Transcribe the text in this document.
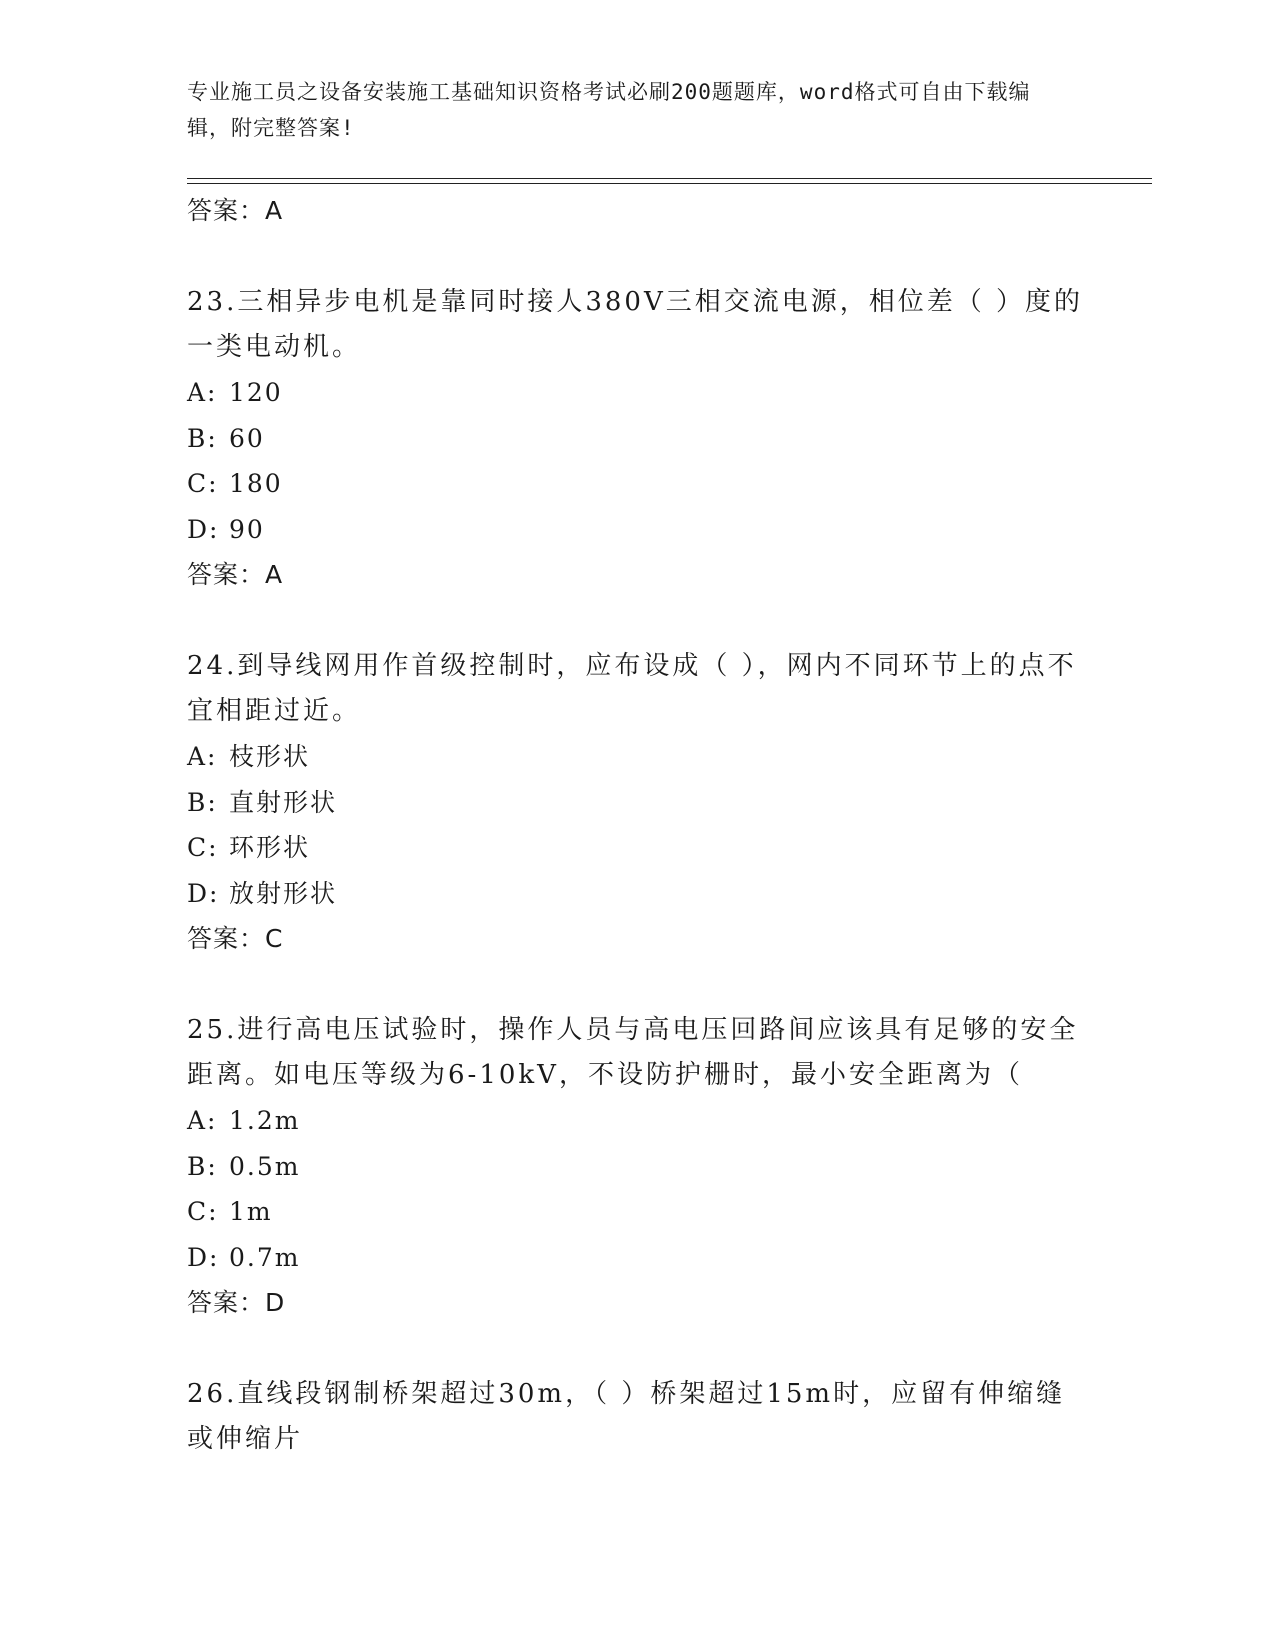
专业施工员之设备安装施工基础知识资格考试必刷200题题库，word格式可自由下载编辑，附完整答案!
答案：A
23.三相异步电机是靠同时接人380V三相交流电源，相位差（ ）度的一类电动机。
A: 120
B: 60
C: 180
D: 90
答案：A
24.到导线网用作首级控制时，应布设成（ ），网内不同环节上的点不宜相距过近。
A: 枝形状
B: 直射形状
C: 环形状
D: 放射形状
答案：C
25.进行高电压试验时，操作人员与高电压回路间应该具有足够的安全距离。如电压等级为6-10kV，不设防护栅时，最小安全距离为（
A: 1.2m
B: 0.5m
C: 1m
D: 0.7m
答案：D
26.直线段钢制桥架超过30m，（ ）桥架超过15m时，应留有伸缩缝或伸缩片
